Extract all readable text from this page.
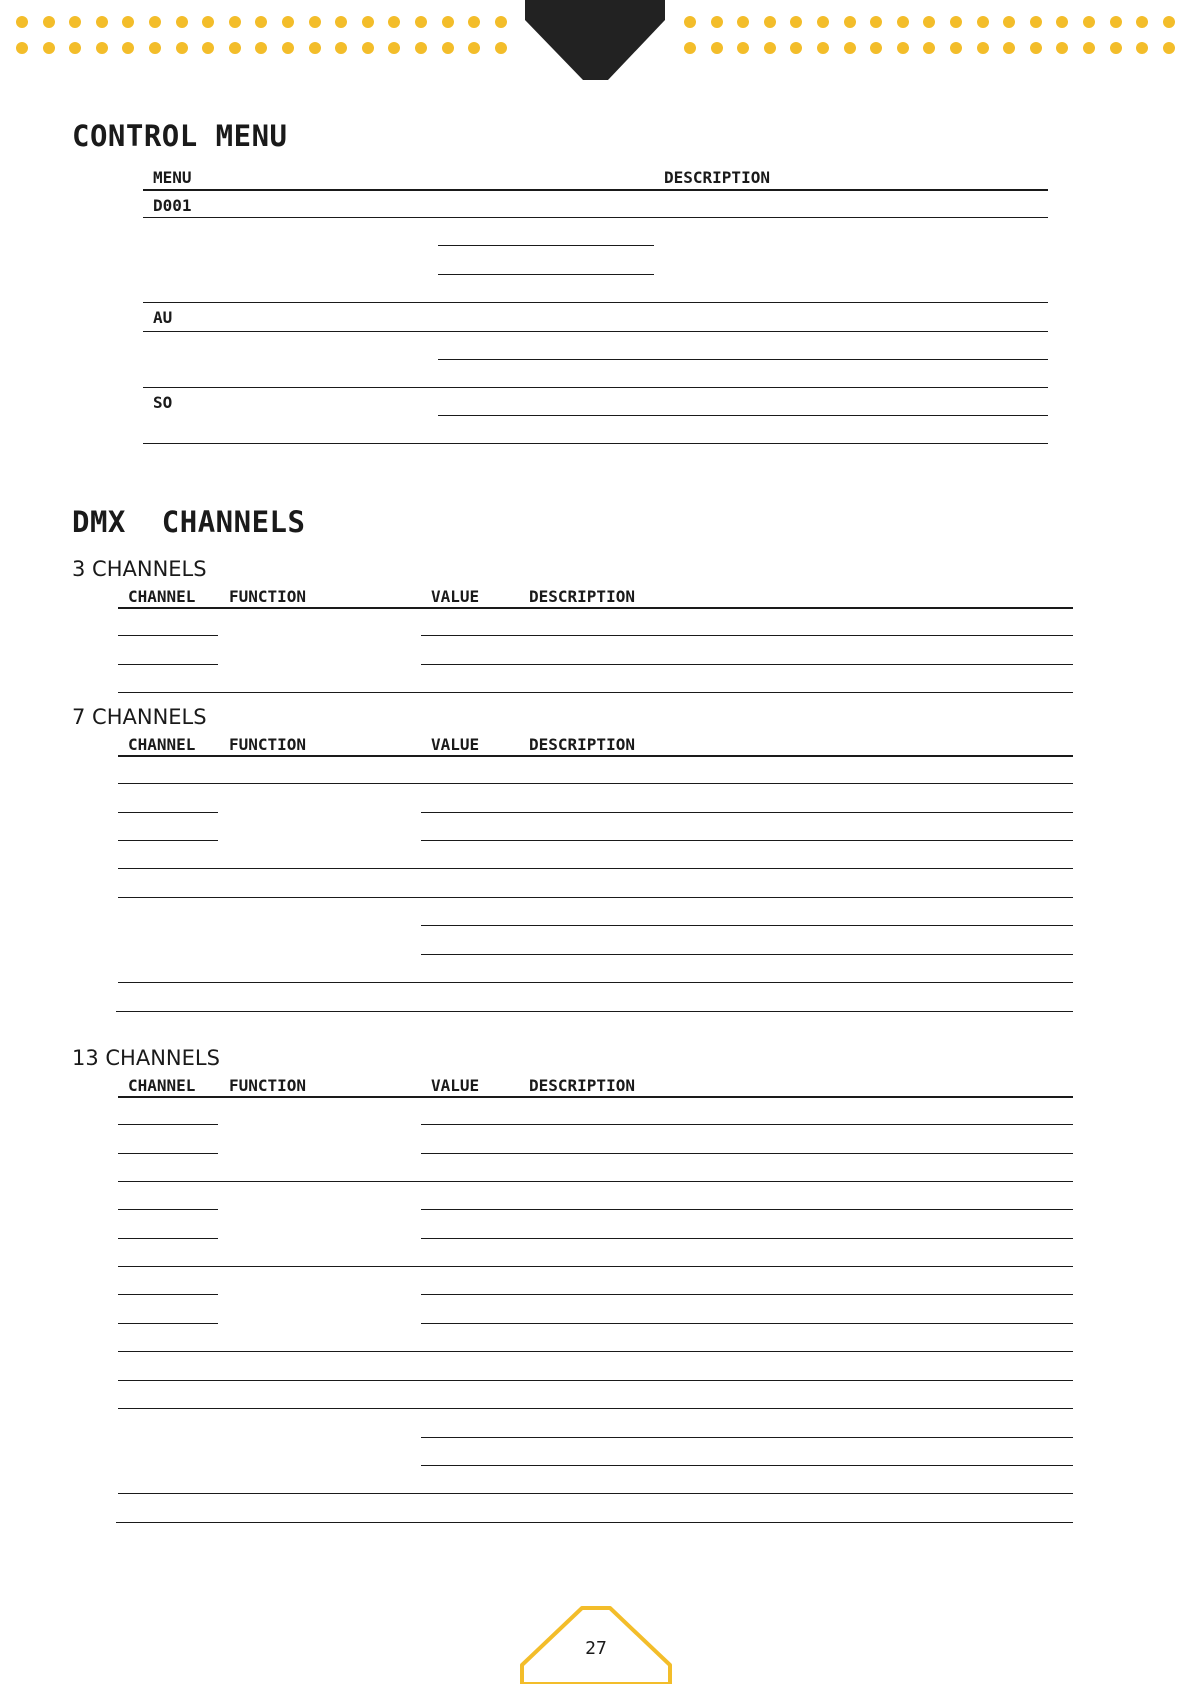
CONTROL MENU
MENU	DESCRIPTION
D001
AU
SO
DMX  CHANNELS
3 CHANNELS
CHANNEL FUNCTION	VALUE	DESCRIPTION
7 CHANNELS
CHANNEL FUNCTION	VALUE	DESCRIPTION
13 CHANNELS
CHANNEL FUNCTION	VALUE	DESCRIPTION
27
